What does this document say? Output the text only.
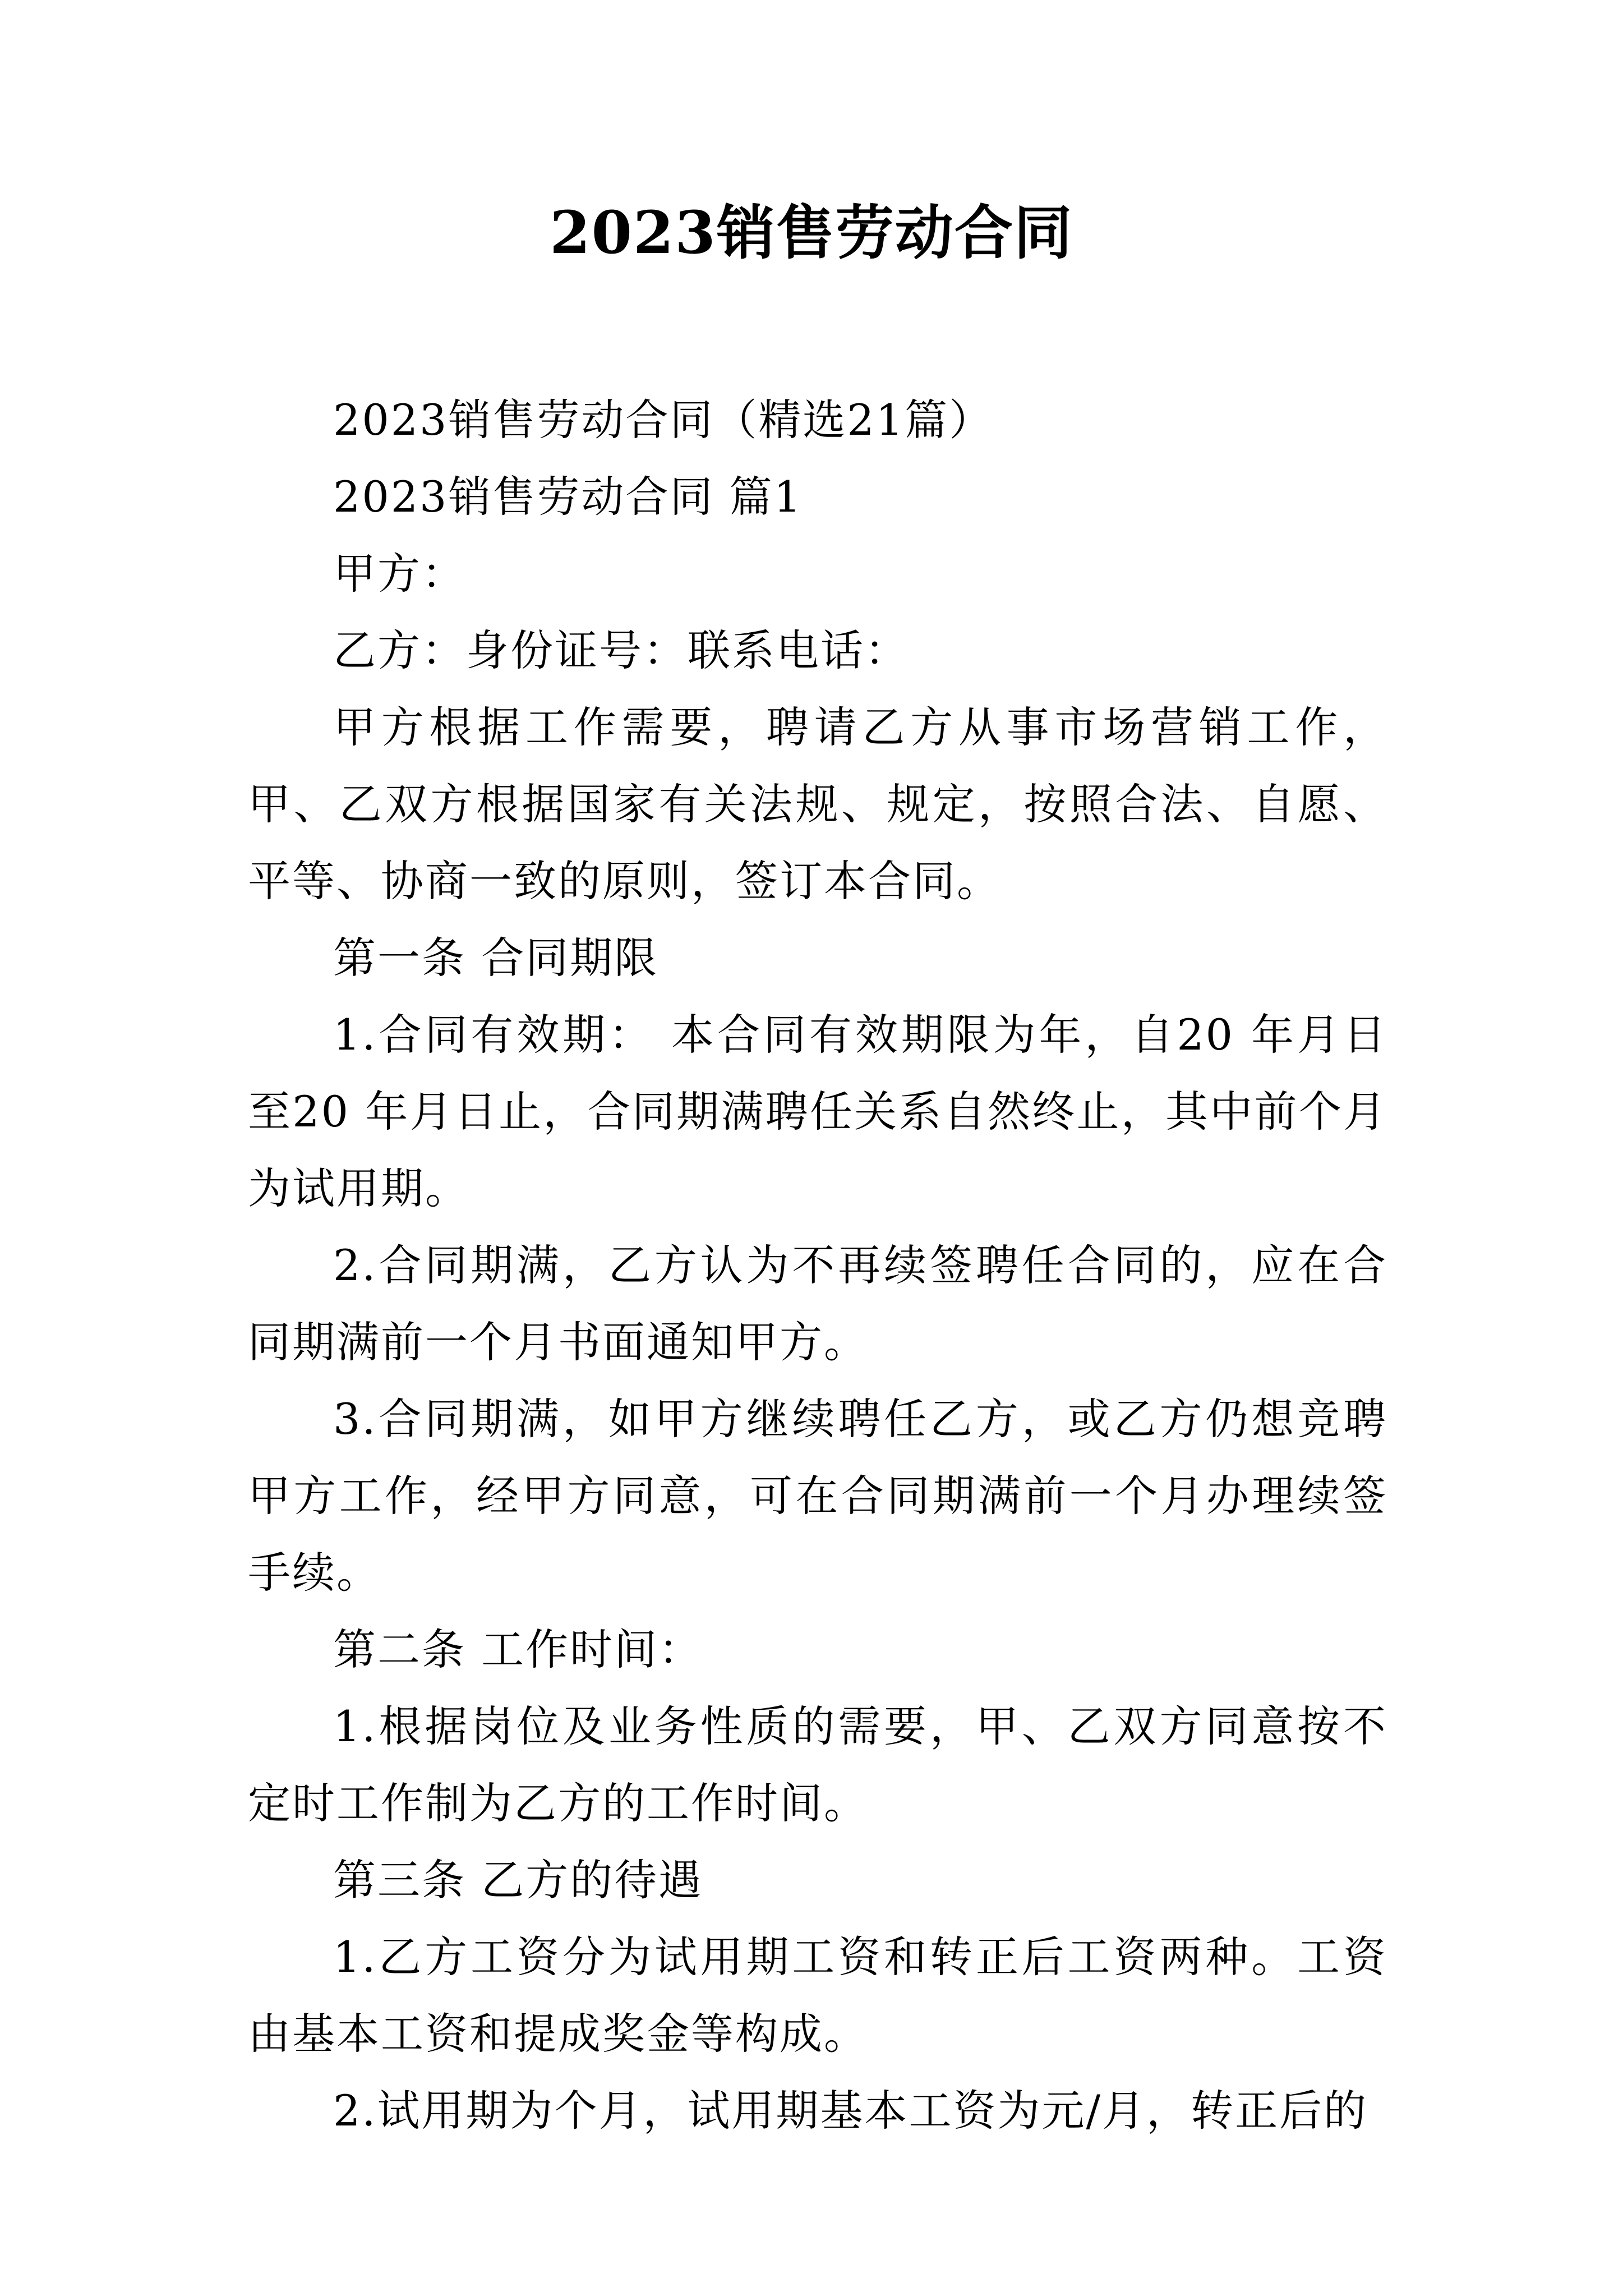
2023销售劳动合同

2023销售劳动合同（精选21篇）

2023销售劳动合同 篇1

甲方：

乙方：身份证号：联系电话：

甲方根据工作需要，聘请乙方从事市场营销工作，甲、乙双方根据国家有关法规、规定，按照合法、自愿、平等、协商一致的原则，签订本合同。

第一条 合同期限

1.合同有效期： 本合同有效期限为年，自20 年月日至20 年月日止，合同期满聘任关系自然终止，其中前个月为试用期。

2.合同期满，乙方认为不再续签聘任合同的，应在合同期满前一个月书面通知甲方。

3.合同期满，如甲方继续聘任乙方，或乙方仍想竞聘甲方工作，经甲方同意，可在合同期满前一个月办理续签手续。

第二条 工作时间：

1.根据岗位及业务性质的需要，甲、乙双方同意按不定时工作制为乙方的工作时间。

第三条 乙方的待遇

1.乙方工资分为试用期工资和转正后工资两种。工资由基本工资和提成奖金等构成。

2.试用期为个月，试用期基本工资为元/月，转正后的
